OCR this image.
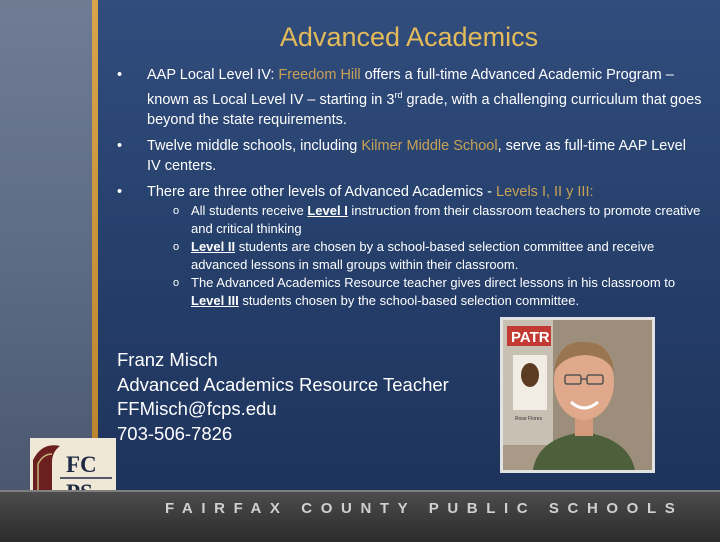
Advanced Academics
• AAP Local Level IV: Freedom Hill offers a full-time Advanced Academic Program – known as Local Level IV – starting in 3rd grade, with a challenging curriculum that goes beyond the state requirements.
• Twelve middle schools, including Kilmer Middle School, serve as full-time AAP Level IV centers.
• There are three other levels of Advanced Academics - Levels I, II y III:
o All students receive Level I instruction from their classroom teachers to promote creative and critical thinking
o Level II students are chosen by a school-based selection committee and receive advanced lessons in small groups within their classroom.
o The Advanced Academics Resource teacher gives direct lessons in his classroom to Level III students chosen by the school-based selection committee.
Franz Misch
Advanced Academics Resource Teacher
FFMisch@fcps.edu
703-506-7826
PATR
Rose Flores
FC
FAIRFAX COUNTY PUBLIC SCHOOLS
